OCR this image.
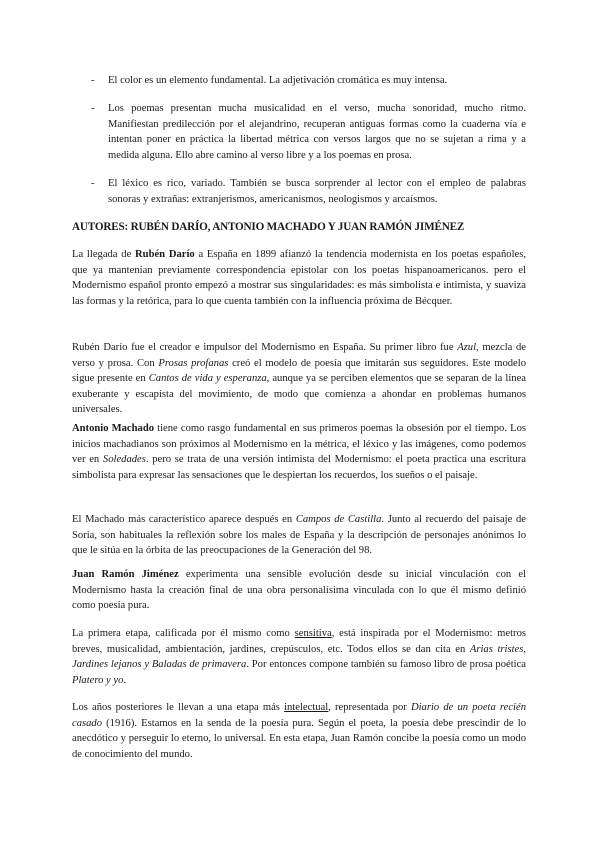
-	El color es un elemento fundamental. La adjetivación cromática es muy intensa.
-	Los poemas presentan mucha musicalidad en el verso, mucha sonoridad, mucho ritmo. Manifiestan predilección por el alejandrino, recuperan antiguas formas como la cuaderna vía e intentan poner en práctica la libertad métrica con versos largos que no se sujetan a rima y a medida alguna. Ello abre camino al verso libre y a los poemas en prosa.
-	El léxico es rico, variado. También se busca sorprender al lector con el empleo de palabras sonoras y extrañas: extranjerismos, americanismos, neologismos y arcaísmos.
AUTORES: RUBÉN DARÍO, ANTONIO MACHADO Y JUAN RAMÓN JIMÉNEZ

La llegada de Rubén Darío a España en 1899 afianzó la tendencia modernista en los poetas españoles, que ya mantenían previamente correspondencia epistolar con los poetas hispanoamericanos. pero el Modernismo español pronto empezó a mostrar sus singularidades: es más simbolista e intimista, y suaviza las formas y la retórica, para lo que cuenta también con la influencia próxima de Bécquer.

Rubén Darío fue el creador e impulsor del Modernismo en España. Su primer libro fue Azul, mezcla de verso y prosa. Con Prosas profanas creó el modelo de poesía que imitarán sus seguidores. Este modelo sigue presente en Cantos de vida y esperanza, aunque ya se perciben elementos que se separan de la línea exuberante y escapista del movimiento, de modo que comienza a ahondar en problemas humanos universales.

Antonio Machado tiene como rasgo fundamental en sus primeros poemas la obsesión por el tiempo. Los inicios machadianos son próximos al Modernismo en la métrica, el léxico y las imágenes, como podemos ver en Soledades. pero se trata de una versión intimista del Modernismo: el poeta practica una escritura simbolista para expresar las sensaciones que le despiertan los recuerdos, los sueños o el paisaje.

El Machado más característico aparece después en Campos de Castilla. Junto al recuerdo del paisaje de Soria, son habituales la reflexión sobre los males de España y la descripción de personajes anónimos lo que le sitúa en la órbita de las preocupaciones de la Generación del 98.

Juan Ramón Jiménez experimenta una sensible evolución desde su inicial vinculación con el Modernismo hasta la creación final de una obra personalísima vinculada con lo que él mismo definió como poesía pura.

La primera etapa, calificada por él mismo como sensitiva, está inspirada por el Modernismo: metros breves, musicalidad, ambientación, jardines, crepúsculos, etc. Todos ellos se dan cita en Arias tristes, Jardines lejanos y Baladas de primavera. Por entonces compone también su famoso libro de prosa poética Platero y yo.

Los años posteriores le llevan a una etapa más intelectual, representada por Diario de un poeta recién casado (1916). Estamos en la senda de la poesía pura. Según el poeta, la poesía debe prescindir de lo anecdótico y perseguir lo eterno, lo universal. En esta etapa, Juan Ramón concibe la poesía como un modo de conocimiento del mundo.
